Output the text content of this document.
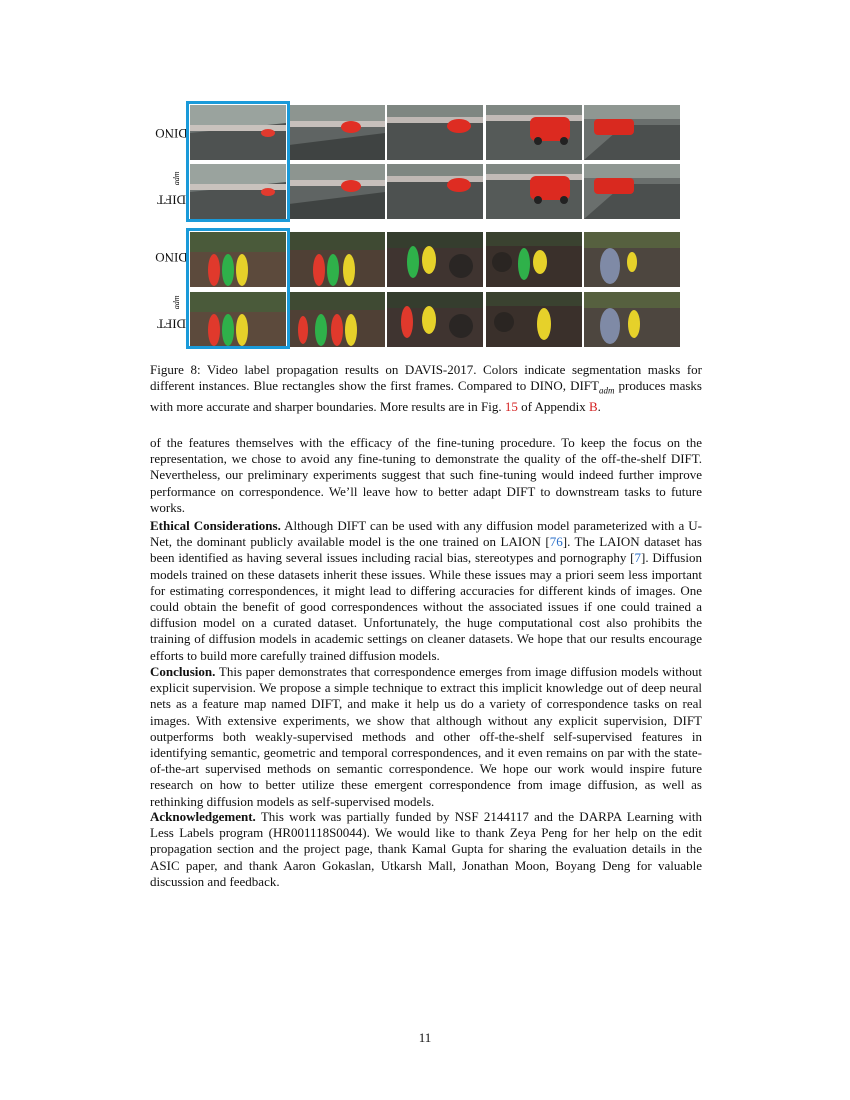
DINO
$DIFT_{adm}$
DINO
$DIFT_{adm}$

Figure 8: Video label propagation results on DAVIS-2017. Colors indicate segmentation masks for different instances. Blue rectangles show the first frames. Compared to DINO, $DIFT_{adm}$ produces masks with more accurate and sharper boundaries. More results are in Fig. 15 of Appendix B.

of the features themselves with the efficacy of the fine-tuning procedure. To keep the focus on the representation, we chose to avoid any fine-tuning to demonstrate the quality of the off-the-shelf DIFT. Nevertheless, our preliminary experiments suggest that such fine-tuning would indeed further improve performance on correspondence. We’ll leave how to better adapt DIFT to downstream tasks to future works.

Ethical Considerations. Although DIFT can be used with any diffusion model parameterized with a U-Net, the dominant publicly available model is the one trained on LAION [76]. The LAION dataset has been identified as having several issues including racial bias, stereotypes and pornography [7]. Diffusion models trained on these datasets inherit these issues. While these issues may a priori seem less important for estimating correspondences, it might lead to differing accuracies for different kinds of images. One could obtain the benefit of good correspondences without the associated issues if one could trained a diffusion model on a curated dataset. Unfortunately, the huge computational cost also prohibits the training of diffusion models in academic settings on cleaner datasets. We hope that our results encourage efforts to build more carefully trained diffusion models.

Conclusion. This paper demonstrates that correspondence emerges from image diffusion models without explicit supervision. We propose a simple technique to extract this implicit knowledge out of deep neural nets as a feature map named DIFT, and make it help us do a variety of correspondence tasks on real images. With extensive experiments, we show that although without any explicit supervision, DIFT outperforms both weakly-supervised methods and other off-the-shelf self-supervised features in identifying semantic, geometric and temporal correspondences, and it even remains on par with the state-of-the-art supervised methods on semantic correspondence. We hope our work would inspire future research on how to better utilize these emergent correspondence from image diffusion, as well as rethinking diffusion models as self-supervised models.

Acknowledgement. This work was partially funded by NSF 2144117 and the DARPA Learning with Less Labels program (HR001118S0044). We would like to thank Zeya Peng for her help on the edit propagation section and the project page, thank Kamal Gupta for sharing the evaluation details in the ASIC paper, and thank Aaron Gokaslan, Utkarsh Mall, Jonathan Moon, Boyang Deng for valuable discussion and feedback.

11
